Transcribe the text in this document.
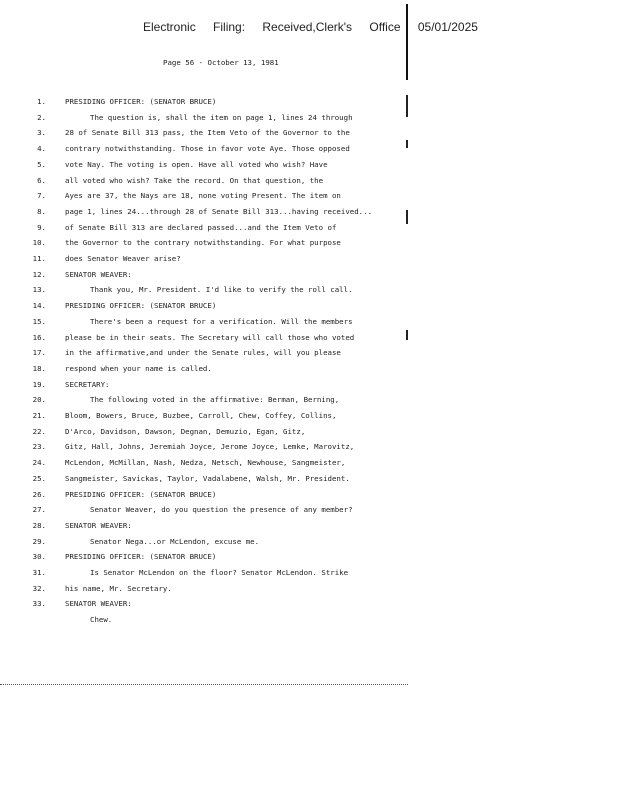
Electronic Filing: Received,Clerk's Office 05/01/2025
Page 56 - October 13, 1981
1.	PRESIDING OFFICER: (SENATOR BRUCE)
2.	The question is, shall the item on page 1, lines 24 through
3.	28 of Senate Bill 313 pass, the Item Veto of the Governor to the
4.	contrary notwithstanding. Those in favor vote Aye. Those opposed
5.	vote Nay. The voting is open. Have all voted who wish? Have
6.	all voted who wish? Take the record. On that question, the
7.	Ayes are 37, the Nays are 18, none voting Present. The item on
8.	page 1, lines 24...through 28 of Senate Bill 313...having received...
9.	of Senate Bill 313 are declared passed...and the Item Veto of
10.	the Governor to the contrary notwithstanding. For what purpose
11.	does Senator Weaver arise?
12.	SENATOR WEAVER:
13.	Thank you, Mr. President. I'd like to verify the roll call.
14.	PRESIDING OFFICER: (SENATOR BRUCE)
15.	There's been a request for a verification. Will the members
16.	please be in their seats. The Secretary will call those who voted
17.	in the affirmative,and under the Senate rules, will you please
18.	respond when your name is called.
19.	SECRETARY:
20.	The following voted in the affirmative: Berman, Berning,
21.	Bloom, Bowers, Bruce, Buzbee, Carroll, Chew, Coffey, Collins,
22.	D'Arco, Davidson, Dawson, Degnan, Demuzio, Egan, Gitz,
23.	Gitz, Hall, Johns, Jeremiah Joyce, Jerome Joyce, Lemke, Marovitz,
24.	McLendon, McMillan, Nash, Nedza, Netsch, Newhouse, Sangmeister,
25.	Sangmeister, Savickas, Taylor, Vadalabene, Walsh, Mr. President.
26.	PRESIDING OFFICER: (SENATOR BRUCE)
27.	Senator Weaver, do you question the presence of any member?
28.	SENATOR WEAVER:
29.	Senator Nega...or McLendon, excuse me.
30.	PRESIDING OFFICER: (SENATOR BRUCE)
31.	Is Senator McLendon on the floor? Senator McLendon. Strike
32.	his name, Mr. Secretary.
33.	SENATOR WEAVER:
Chew.
